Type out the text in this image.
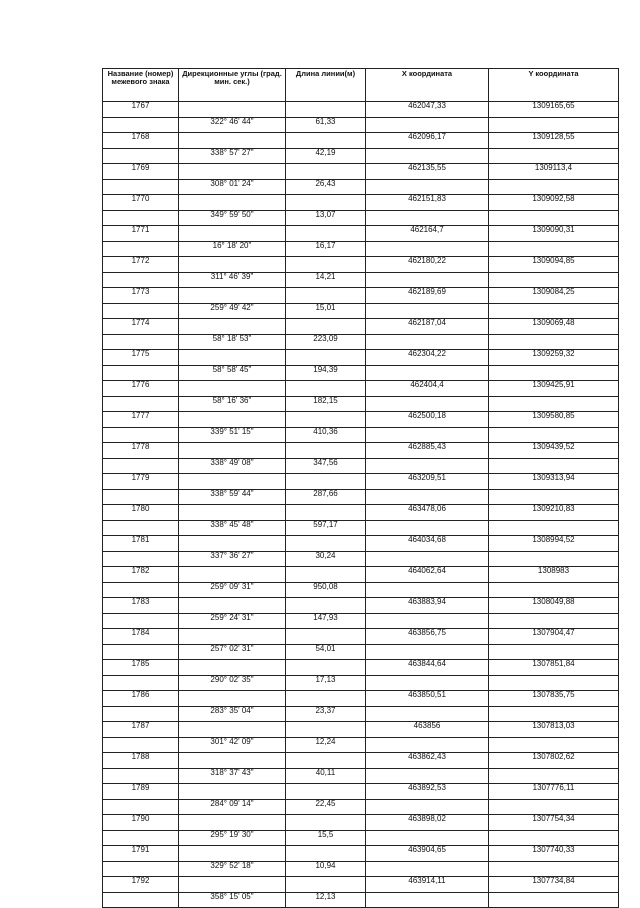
Название (номер) межевого знака	Дирекционные углы (град. мин. сек.)	Длина линии(м)	X координата	Y координата
1767			462047,33	1309165,65
	322° 46' 44"	61,33		
1768			462096,17	1309128,55
	338° 57' 27"	42,19		
1769			462135,55	1309113,4
	308° 01' 24"	26,43		
1770			462151,83	1309092,58
	349° 59' 50"	13,07		
1771			462164,7	1309090,31
	16° 18' 20"	16,17		
1772			462180,22	1309094,85
	311° 46' 39"	14,21		
1773			462189,69	1309084,25
	259° 49' 42"	15,01		
1774			462187,04	1309069,48
	58° 18' 53"	223,09		
1775			462304,22	1309259,32
	58° 58' 45"	194,39		
1776			462404,4	1309425,91
	58° 16' 36"	182,15		
1777			462500,18	1309580,85
	339° 51' 15"	410,36		
1778			462885,43	1309439,52
	338° 49' 08"	347,56		
1779			463209,51	1309313,94
	338° 59' 44"	287,66		
1780			463478,06	1309210,83
	338° 45' 48"	597,17		
1781			464034,68	1308994,52
	337° 36' 27"	30,24		
1782			464062,64	1308983
	259° 09' 31"	950,08		
1783			463883,94	1308049,88
	259° 24' 31"	147,93		
1784			463856,75	1307904,47
	257° 02' 31"	54,01		
1785			463844,64	1307851,84
	290° 02' 35"	17,13		
1786			463850,51	1307835,75
	283° 35' 04"	23,37		
1787			463856	1307813,03
	301° 42' 09"	12,24		
1788			463862,43	1307802,62
	318° 37' 43"	40,11		
1789			463892,53	1307776,11
	284° 09' 14"	22,45		
1790			463898,02	1307754,34
	295° 19' 30"	15,5		
1791			463904,65	1307740,33
	329° 52' 18"	10,94		
1792			463914,11	1307734,84
	358° 15' 05"	12,13		
